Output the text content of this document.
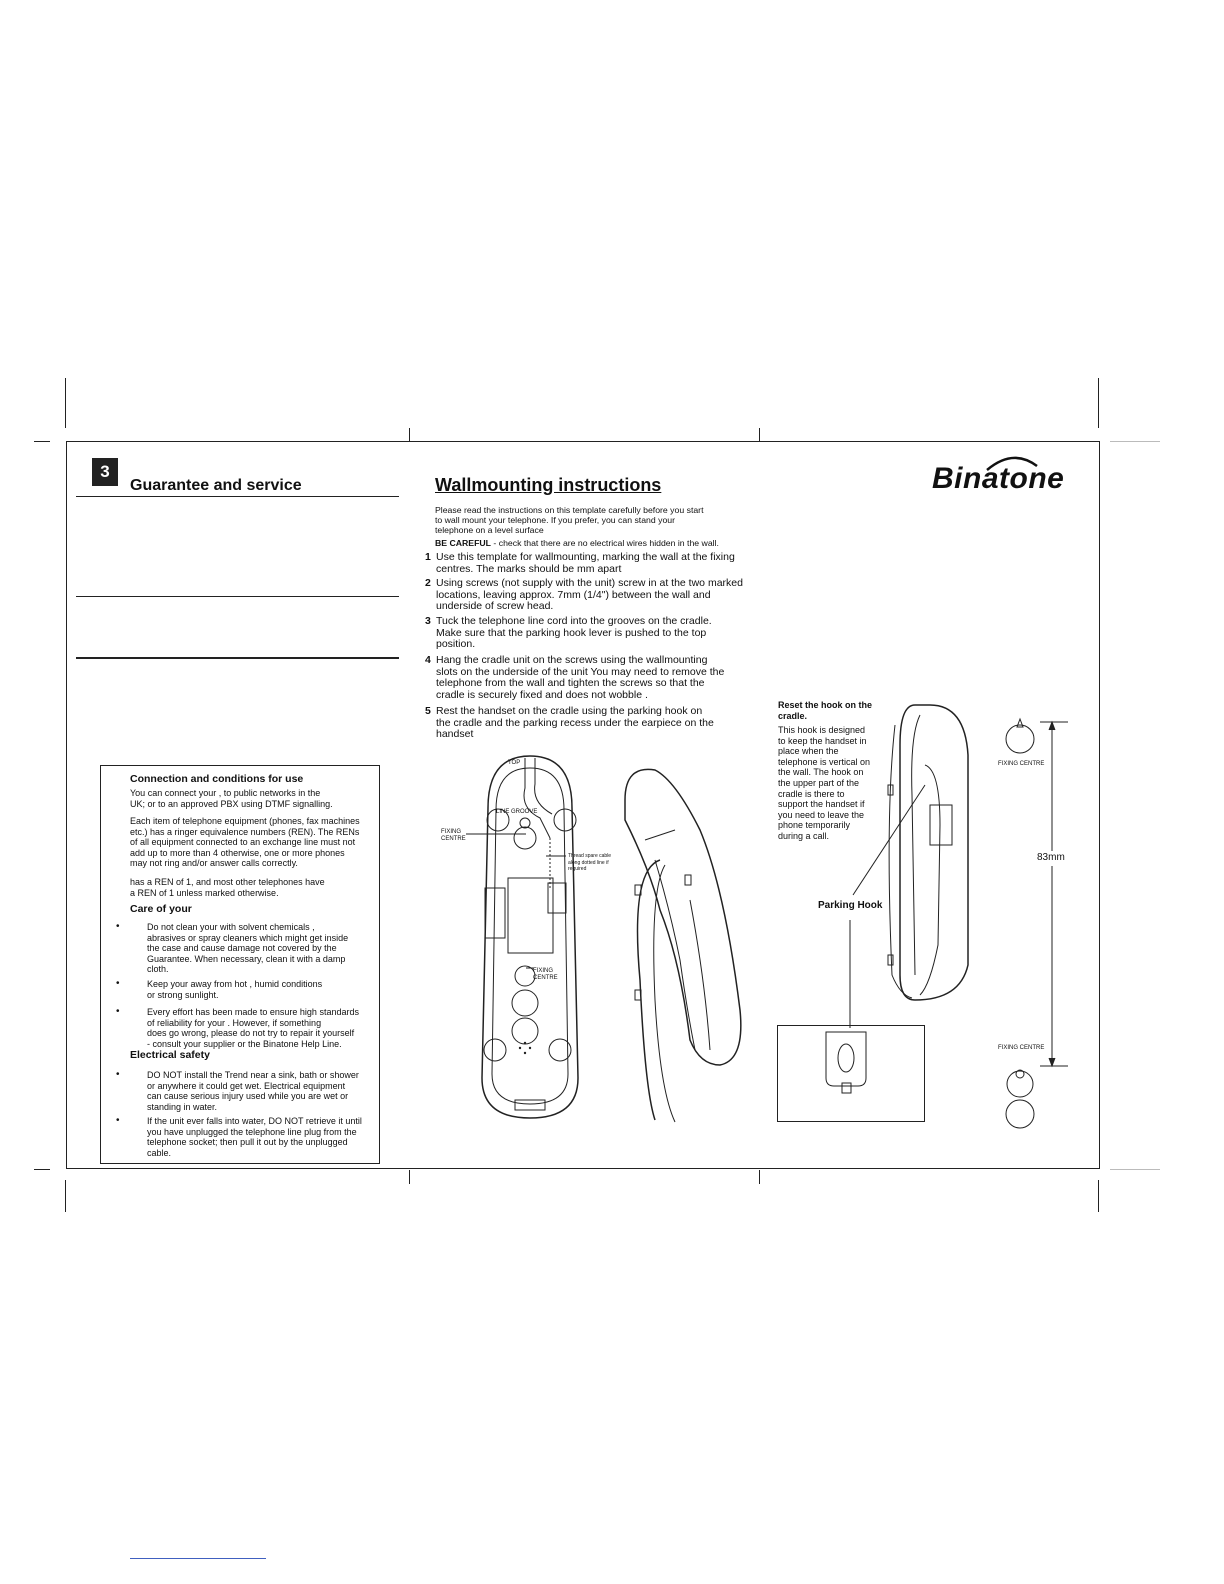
3
Guarantee and service
Connection and conditions for use
You can connect your , to public networks in the
UK; or to an approved PBX using DTMF signalling.
Each item of telephone equipment (phones, fax machines
etc.) has a ringer equivalence numbers (REN). The RENs
of all equipment connected to an exchange line must not
add up to more than 4 otherwise, one or more phones
may not ring and/or answer calls correctly.
has a REN of 1, and most other telephones have
a REN of 1 unless marked otherwise.
Care of your
•	Do not clean your with solvent chemicals ,
abrasives or spray cleaners which might get inside
the case and cause damage not covered by the
Guarantee. When necessary, clean it with a damp
cloth.
•	Keep your away from hot , humid conditions
or strong sunlight.
•	Every effort has been made to ensure high standards
of reliability for your . However, if something
does go wrong, please do not try to repair it yourself
- consult your supplier or the Binatone Help Line.
Electrical safety
•	DO NOT install the Trend near a sink, bath or shower
or anywhere it could get wet. Electrical equipment
can cause serious injury used while you are wet or
standing in water.
•	If the unit ever falls into water, DO NOT retrieve it until
you have unplugged the telephone line plug from the
telephone socket; then pull it out by the unplugged
cable.
Wallmounting instructions
Please read the instructions on this template carefully before you start
to wall mount your telephone. If you prefer, you can stand your
telephone on a level surface
BE CAREFUL - check that there are no electrical wires hidden in the wall.
1 Use this template for wallmounting, marking the wall at the fixing
centres. The marks should be mm apart
2 Using screws (not supply with the unit) screw in at the two marked
locations, leaving approx. 7mm (1/4") between the wall and
underside of screw head.
3 Tuck the telephone line cord into the grooves on the cradle.
Make sure that the parking hook lever is pushed to the top
position.
4 Hang the cradle unit on the screws using the wallmounting
slots on the underside of the unit You may need to remove the
telephone from the wall and tighten the screws so that the
cradle is securely fixed and does not wobble .
5 Rest the handset on the cradle using the parking hook on
the cradle and the parking recess under the earpiece on the
handset
TOP
LINE GROOVE
FIXING
CENTRE
FIXING
CENTRE
Thread spare cable
along dotted line if
required
Binatone
Reset the hook on the
cradle.
This hook is designed
to keep the handset in
place when the
telephone is vertical on
the wall. The hook on
the upper part of the
cradle is there to
support the handset if
you need to leave the
phone temporarily
during a call.
Parking Hook
FIXING CENTRE
FIXING CENTRE
83mm
